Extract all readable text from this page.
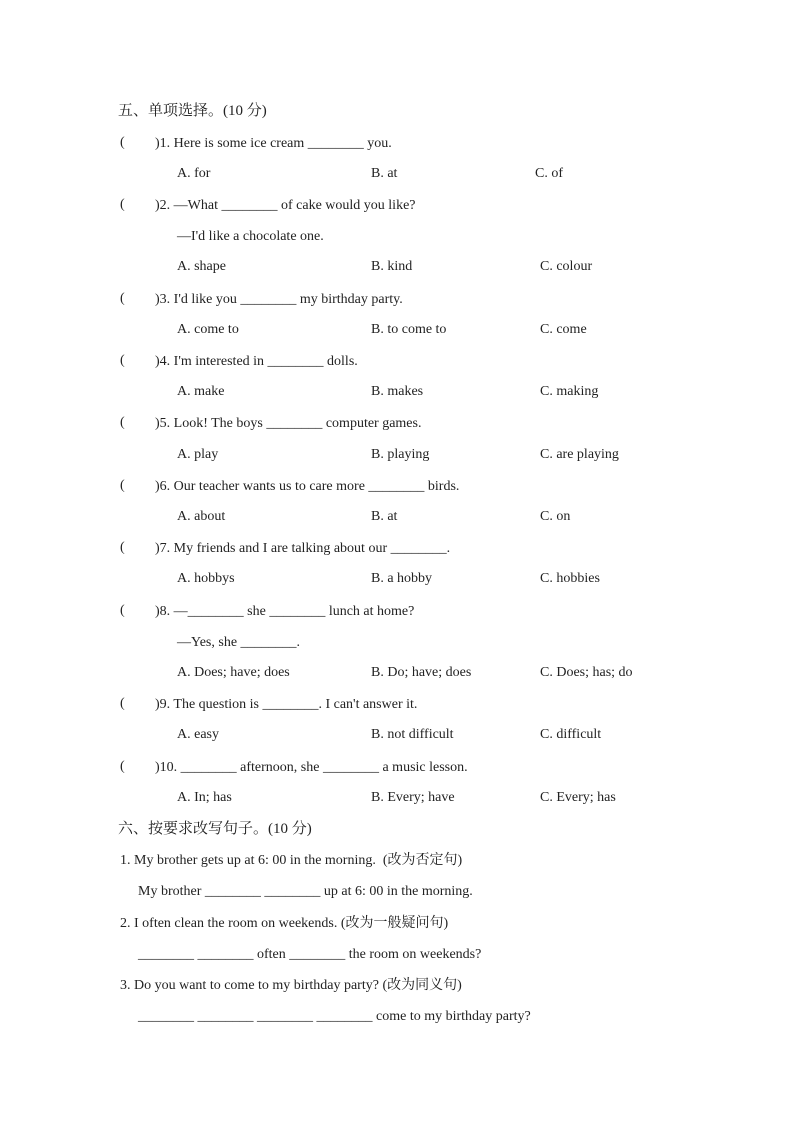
五、单项选择。(10 分)
( )1. Here is some ice cream ________ you.
A. for	B. at	C. of
( )2. —What ________ of cake would you like?
—I'd like a chocolate one.
A. shape	B. kind	C. colour
( )3. I'd like you ________ my birthday party.
A. come to	B. to come to	C. come
( )4. I'm interested in ________ dolls.
A. make	B. makes	C. making
( )5. Look! The boys ________ computer games.
A. play	B. playing	C. are playing
( )6. Our teacher wants us to care more ________ birds.
A. about	B. at	C. on
( )7. My friends and I are talking about our ________.
A. hobbys	B. a hobby	C. hobbies
( )8. —________ she ________ lunch at home?
—Yes, she ________.
A. Does; have; does	B. Do; have; does	C. Does; has; do
( )9. The question is ________. I can't answer it.
A. easy	B. not difficult	C. difficult
( )10. ________ afternoon, she ________ a music lesson.
A. In; has	B. Every; have	C. Every; has
六、按要求改写句子。(10 分)
1. My brother gets up at 6: 00 in the morning.  (改为否定句)
My brother ________ ________ up at 6: 00 in the morning.
2. I often clean the room on weekends. (改为一般疑问句)
________ ________ often ________ the room on weekends?
3. Do you want to come to my birthday party? (改为同义句)
________ ________ ________ ________ come to my birthday party?
